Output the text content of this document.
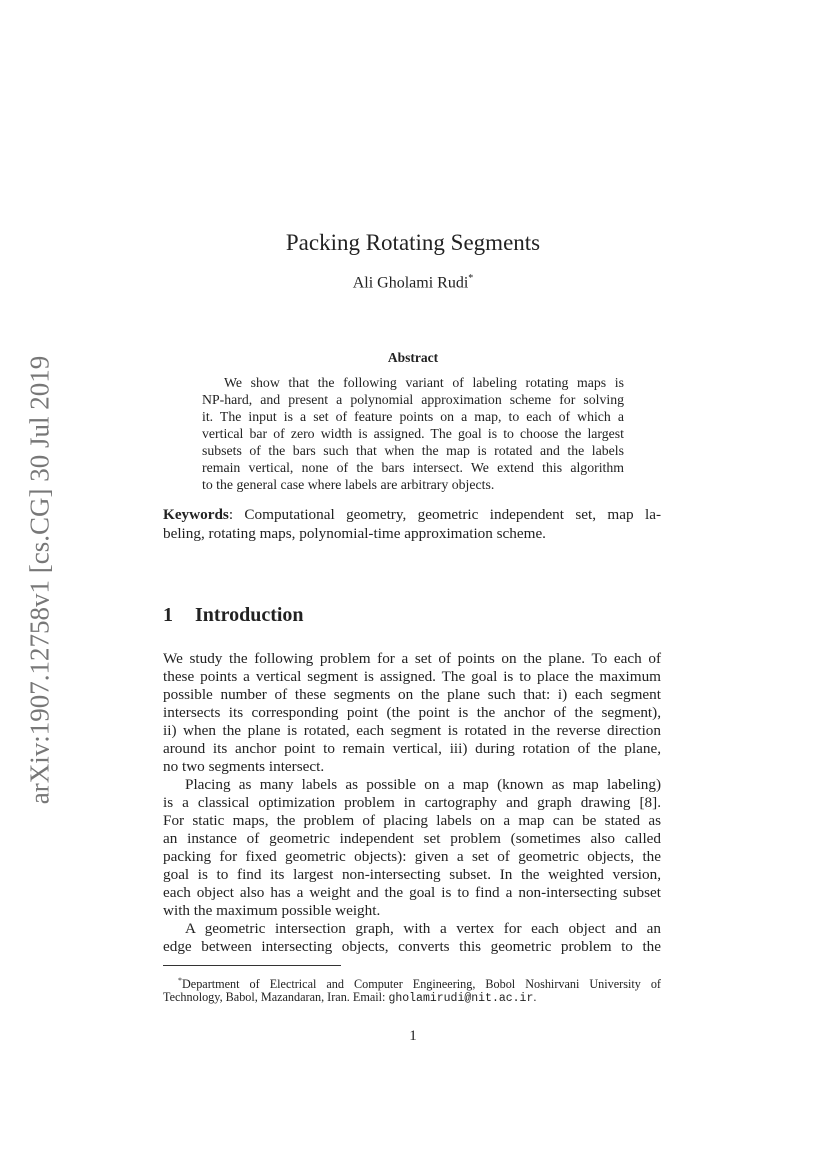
arXiv:1907.12758v1 [cs.CG] 30 Jul 2019
Packing Rotating Segments
Ali Gholami Rudi*
Abstract
We show that the following variant of labeling rotating maps is
NP-hard, and present a polynomial approximation scheme for solving
it. The input is a set of feature points on a map, to each of which a
vertical bar of zero width is assigned. The goal is to choose the largest
subsets of the bars such that when the map is rotated and the labels
remain vertical, none of the bars intersect. We extend this algorithm
to the general case where labels are arbitrary objects.
Keywords: Computational geometry, geometric independent set, map la-
beling, rotating maps, polynomial-time approximation scheme.
1 Introduction
We study the following problem for a set of points on the plane. To each of
these points a vertical segment is assigned. The goal is to place the maximum
possible number of these segments on the plane such that: i) each segment
intersects its corresponding point (the point is the anchor of the segment),
ii) when the plane is rotated, each segment is rotated in the reverse direction
around its anchor point to remain vertical, iii) during rotation of the plane,
no two segments intersect.
Placing as many labels as possible on a map (known as map labeling)
is a classical optimization problem in cartography and graph drawing [8].
For static maps, the problem of placing labels on a map can be stated as
an instance of geometric independent set problem (sometimes also called
packing for fixed geometric objects): given a set of geometric objects, the
goal is to find its largest non-intersecting subset. In the weighted version,
each object also has a weight and the goal is to find a non-intersecting subset
with the maximum possible weight.
A geometric intersection graph, with a vertex for each object and an
edge between intersecting objects, converts this geometric problem to the
*Department of Electrical and Computer Engineering, Bobol Noshirvani University of
Technology, Babol, Mazandaran, Iran. Email: gholamirudi@nit.ac.ir.
1
